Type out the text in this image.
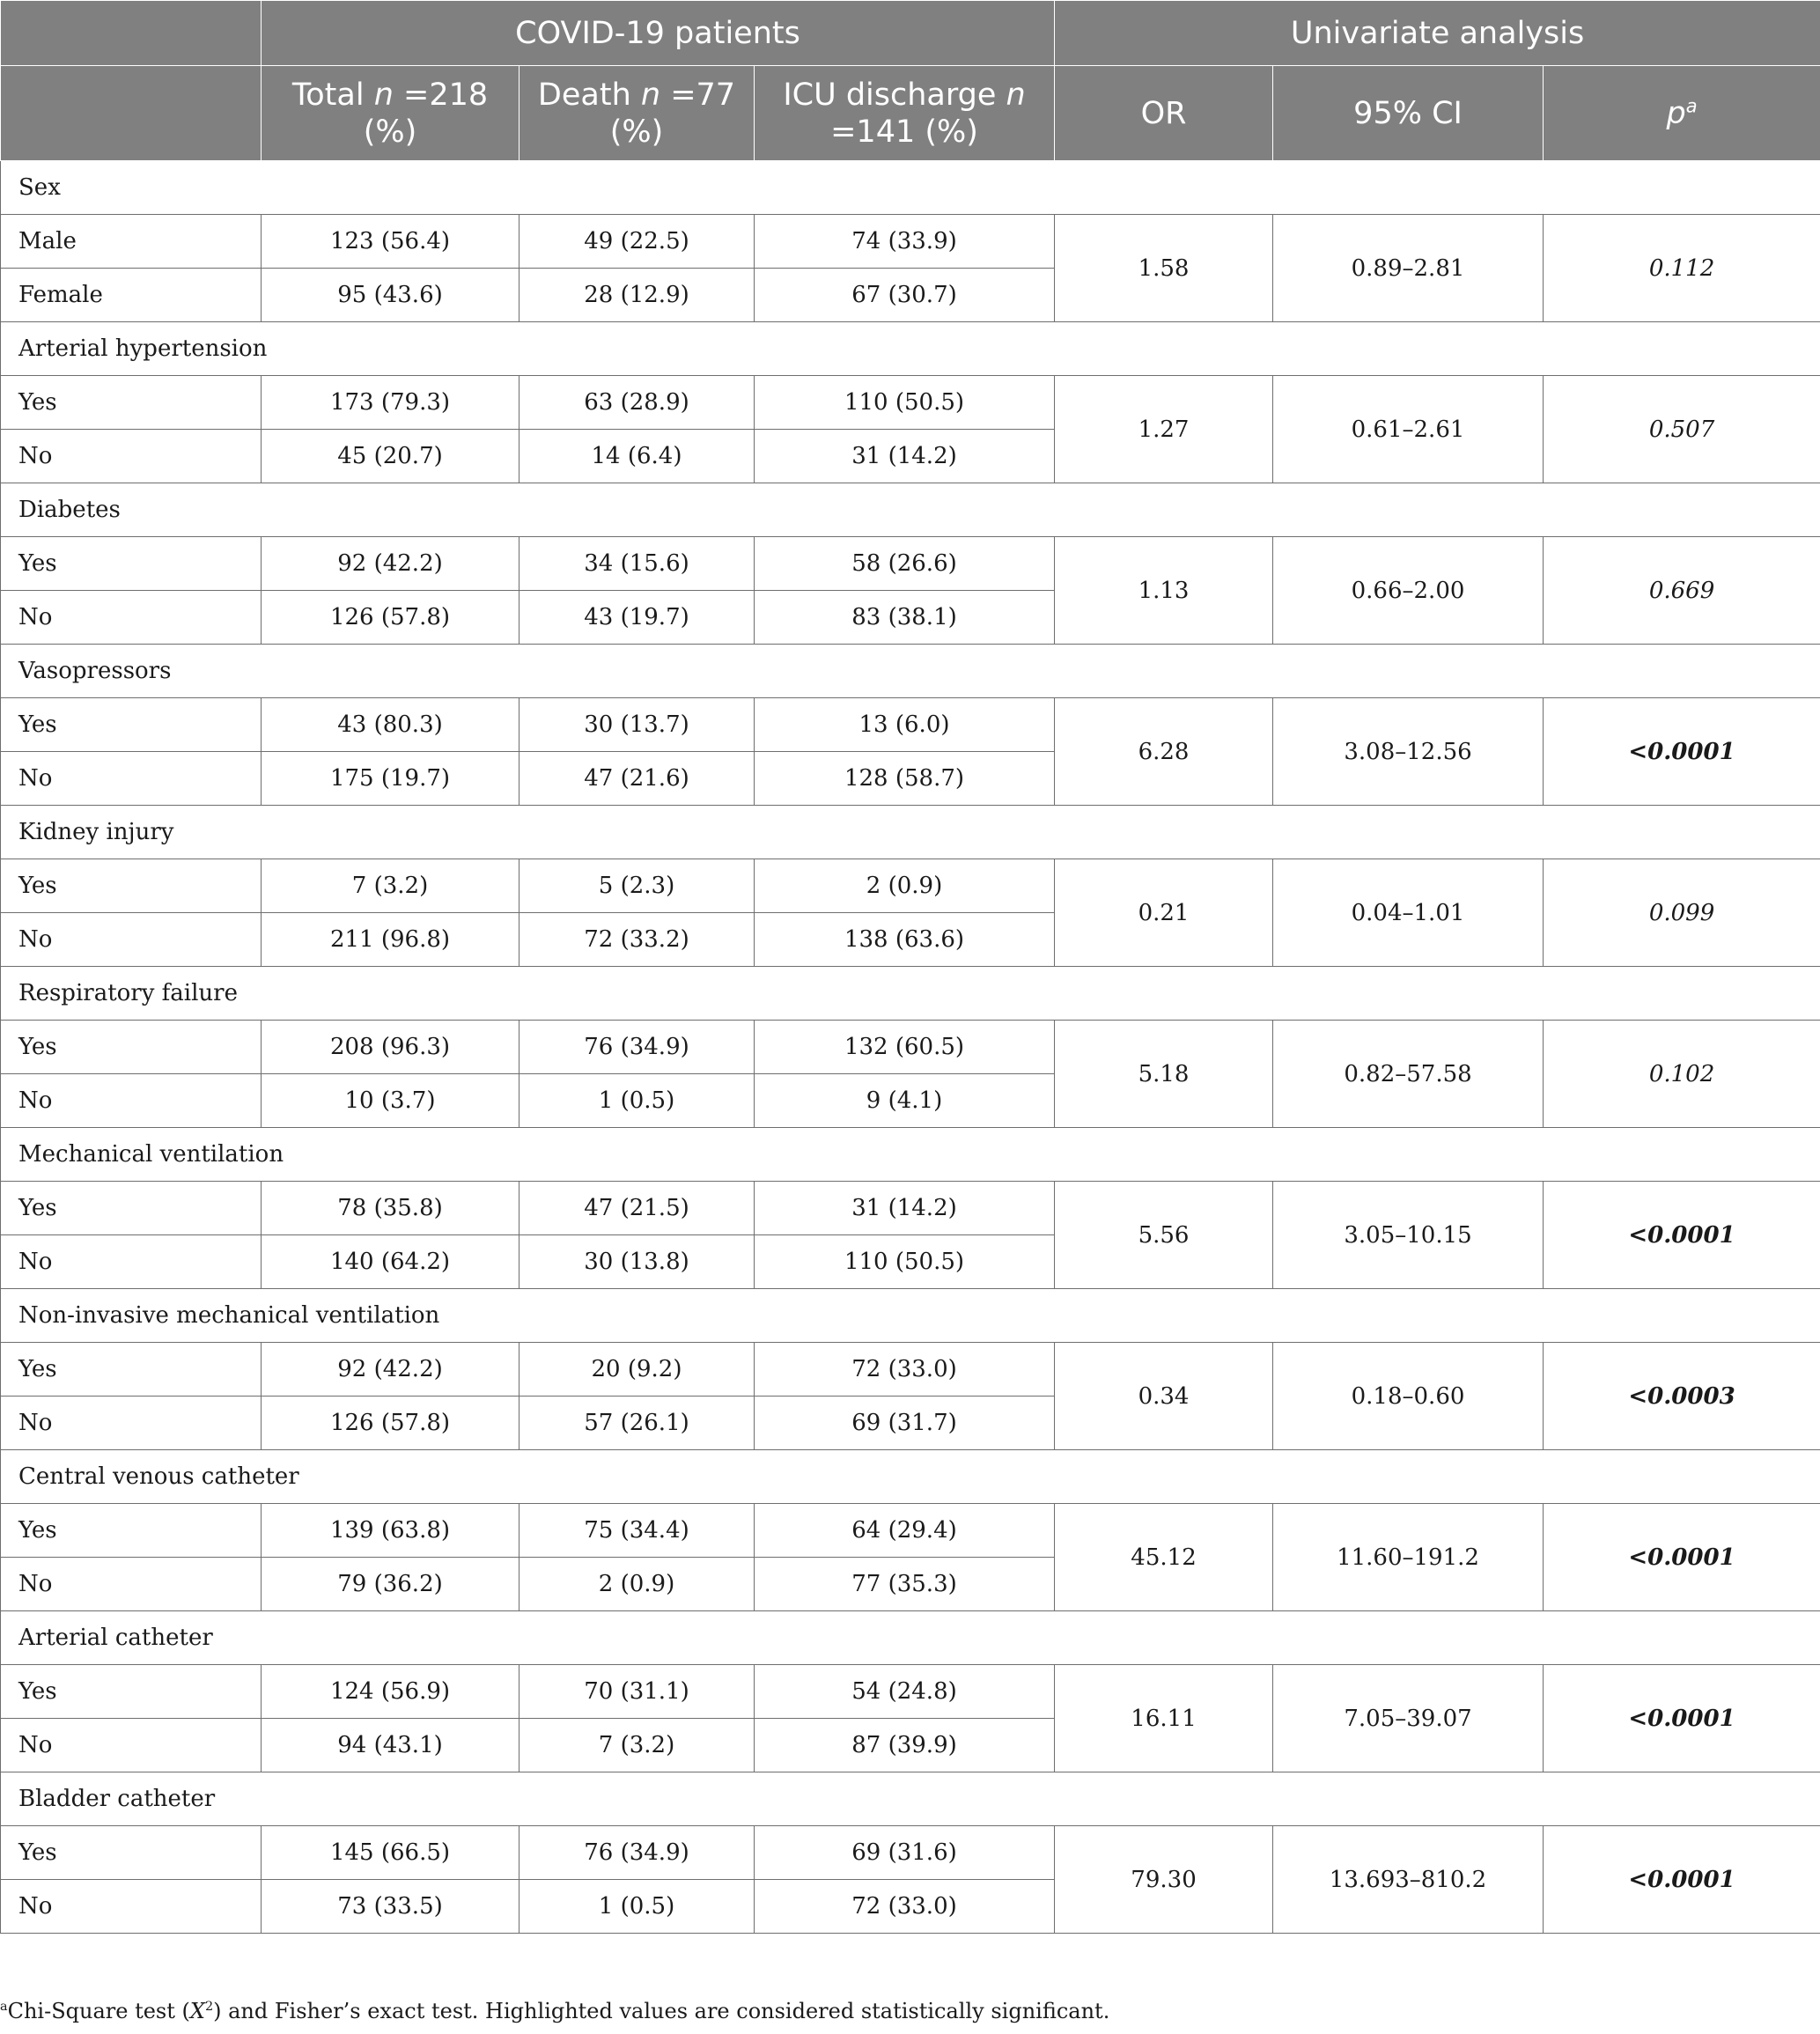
	COVID-19 patients			Univariate analysis		
	Total n =218 (%)	Death n =77 (%)	ICU discharge n =141 (%)	OR	95% CI	$p^a$
Sex						
Male	123 (56.4)	49 (22.5)	74 (33.9)	1.58	0.89–2.81	0.112
Female	95 (43.6)	28 (12.9)	67 (30.7)			
Arterial hypertension						
Yes	173 (79.3)	63 (28.9)	110 (50.5)	1.27	0.61–2.61	0.507
No	45 (20.7)	14 (6.4)	31 (14.2)			
Diabetes						
Yes	92 (42.2)	34 (15.6)	58 (26.6)	1.13	0.66–2.00	0.669
No	126 (57.8)	43 (19.7)	83 (38.1)			
Vasopressors						
Yes	43 (80.3)	30 (13.7)	13 (6.0)	6.28	3.08–12.56	<0.0001
No	175 (19.7)	47 (21.6)	128 (58.7)			
Kidney injury						
Yes	7 (3.2)	5 (2.3)	2 (0.9)	0.21	0.04–1.01	0.099
No	211 (96.8)	72 (33.2)	138 (63.6)			
Respiratory failure						
Yes	208 (96.3)	76 (34.9)	132 (60.5)	5.18	0.82–57.58	0.102
No	10 (3.7)	1 (0.5)	9 (4.1)			
Mechanical ventilation						
Yes	78 (35.8)	47 (21.5)	31 (14.2)	5.56	3.05–10.15	<0.0001
No	140 (64.2)	30 (13.8)	110 (50.5)			
Non-invasive mechanical ventilation						
Yes	92 (42.2)	20 (9.2)	72 (33.0)	0.34	0.18–0.60	<0.0003
No	126 (57.8)	57 (26.1)	69 (31.7)			
Central venous catheter						
Yes	139 (63.8)	75 (34.4)	64 (29.4)	45.12	11.60–191.2	<0.0001
No	79 (36.2)	2 (0.9)	77 (35.3)			
Arterial catheter						
Yes	124 (56.9)	70 (31.1)	54 (24.8)	16.11	7.05–39.07	<0.0001
No	94 (43.1)	7 (3.2)	87 (39.9)			
Bladder catheter						
Yes	145 (66.5)	76 (34.9)	69 (31.6)	79.30	13.693–810.2	<0.0001
No	73 (33.5)	1 (0.5)	72 (33.0)			
$^a$Chi-Square test $(X^2)$ and Fisher’s exact test. Highlighted values are considered statistically significant.
